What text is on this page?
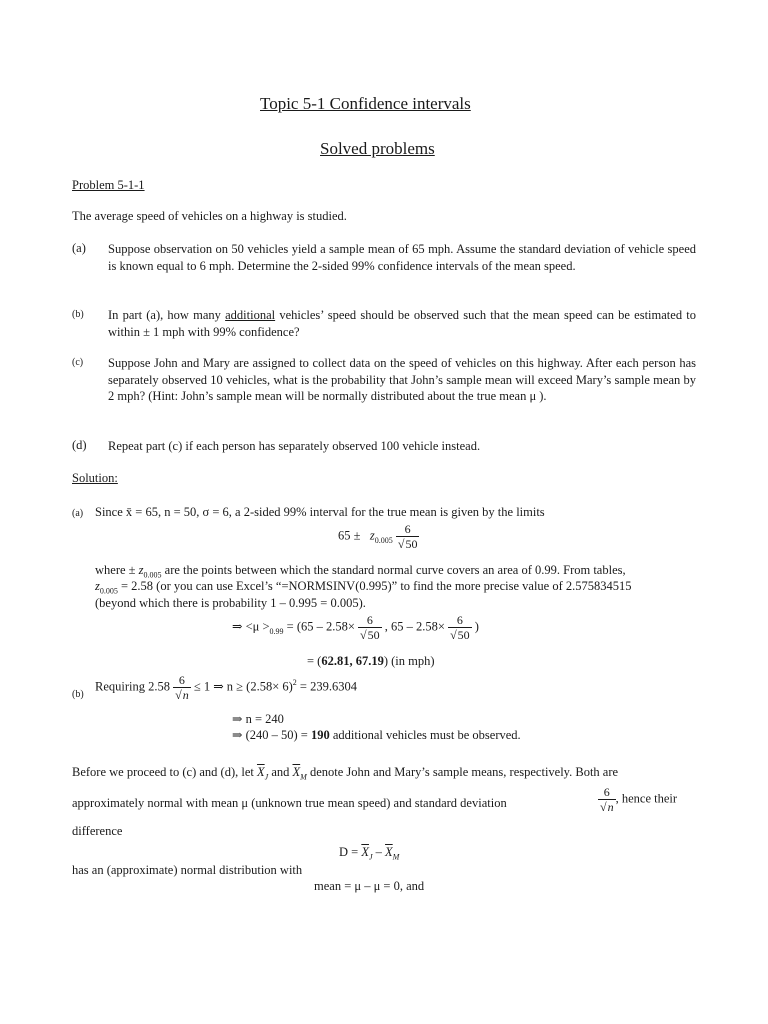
Topic 5-1 Confidence intervals
Solved problems
Problem 5-1-1
The average speed of vehicles on a highway is studied.
(a) Suppose observation on 50 vehicles yield a sample mean of 65 mph. Assume the standard deviation of vehicle speed is known equal to 6 mph. Determine the 2-sided 99% confidence intervals of the mean speed.
(b) In part (a), how many additional vehicles’ speed should be observed such that the mean speed can be estimated to within ± 1 mph with 99% confidence?
(c) Suppose John and Mary are assigned to collect data on the speed of vehicles on this highway. After each person has separately observed 10 vehicles, what is the probability that John’s sample mean will exceed Mary’s sample mean by 2 mph? (Hint: John’s sample mean will be normally distributed about the true mean μ ).
(d) Repeat part (c) if each person has separately observed 100 vehicle instead.
Solution:
(a) Since x̄ = 65, n = 50, σ = 6, a 2-sided 99% interval for the true mean is given by the limits
$65 \pm z_{0.005} \frac{6}{√50}$
where ± $z_{0.005}$ are the points between which the standard normal curve covers an area of 0.99. From tables,
$z_{0.005} = 2.58$ (or you can use Excel’s “=NORMSINV(0.995)” to find the more precise value of 2.575834515
(beyond which there is probability 1 – 0.995 = 0.005).
⇒ $<\mu >_{0.99} = (65 - 2.58\times \frac{6}{√50}$ , $65 - 2.58\times \frac{6}{√50}$ )
= (62.81, 67.19) (in mph)
(b)
Requiring $2.58 \frac{6}{√n} \le 1$ ⇒ $n \ge (2.58\times 6)^2 = 239.6304$
⇒ n = 240
⇒ (240 – 50) = 190 additional vehicles must be observed.
Before we proceed to (c) and (d), let $\overline{X}_J$ and $\overline{X}_M$ denote John and Mary’s sample means, respectively. Both are
approximately normal with mean μ (unknown true mean speed) and standard deviation	$\frac{6}{√n}$ , hence their
difference
$D = \overline{X}_J - \overline{X}_M$
has an (approximate) normal distribution with
mean = μ – μ = 0, and
